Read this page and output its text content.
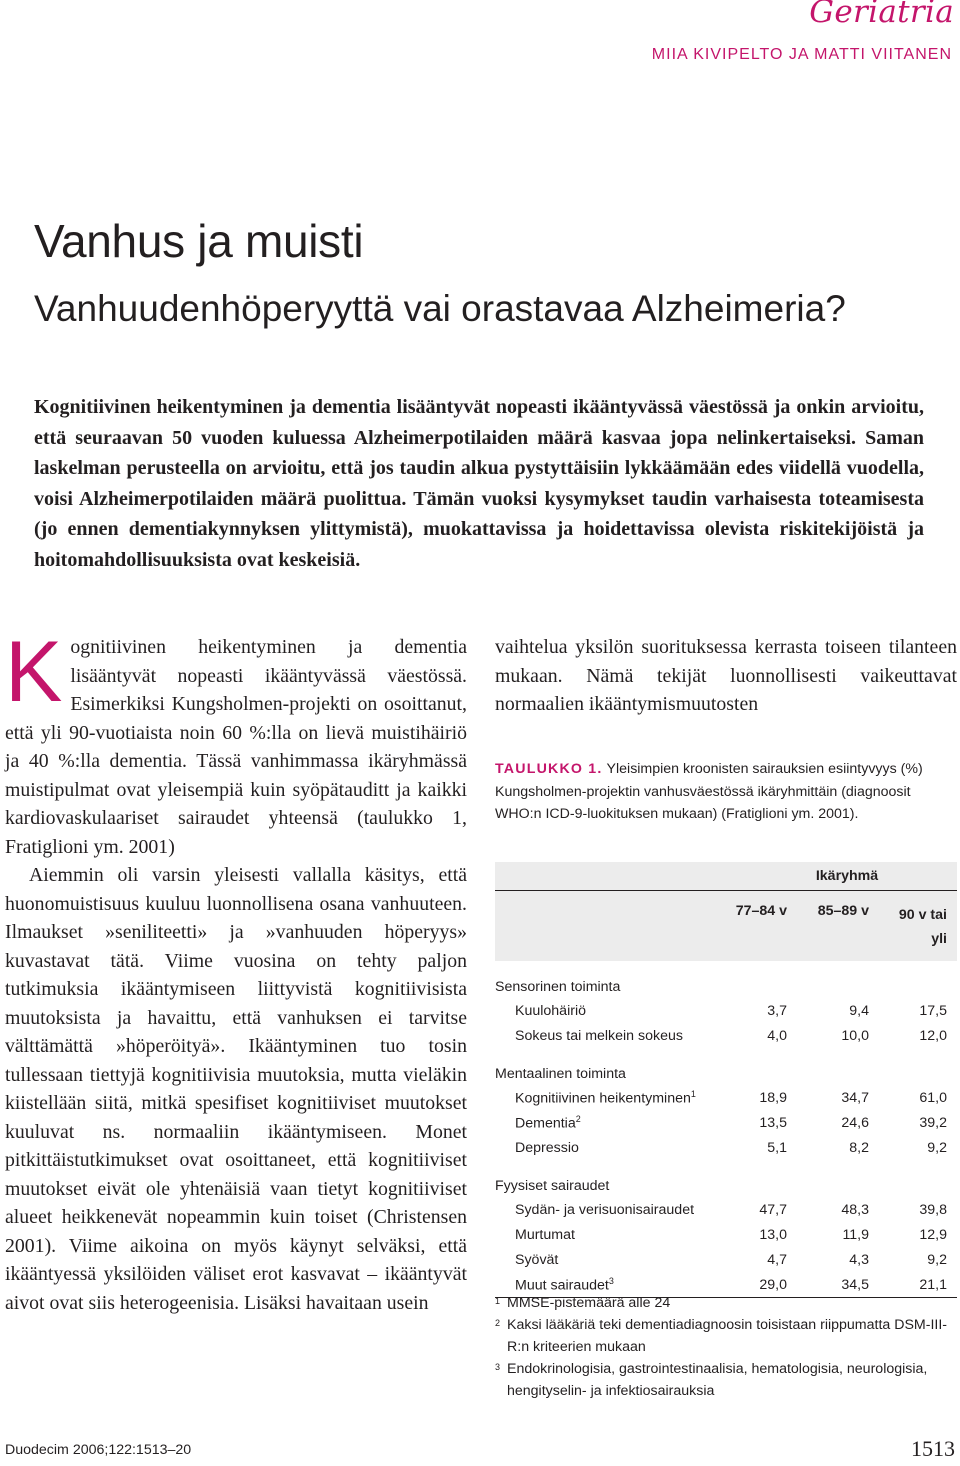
Geriatria
MIIA KIVIPELTO JA MATTI VIITANEN
Vanhus ja muisti
Vanhuudenhöperyyttä vai orastavaa Alzheimeria?
Kognitiivinen heikentyminen ja dementia lisääntyvät nopeasti ikääntyvässä väestössä ja onkin arvioitu, että seuraavan 50 vuoden kuluessa Alzheimerpotilaiden määrä kasvaa jopa nelinkertaiseksi. Saman laskelman perusteella on arvioitu, että jos taudin alkua pystyttäisiin lykkäämään edes viidellä vuodella, voisi Alzheimerpotilaiden määrä puolittua. Tämän vuoksi kysymykset taudin varhaisesta toteamisesta (jo ennen dementiakynnyksen ylittymistä), muokattavissa ja hoidettavissa olevista riskitekijöistä ja hoitomahdollisuuksista ovat keskeisiä.

Kognitiivinen heikentyminen ja dementia lisääntyvät nopeasti ikääntyvässä väestössä. Esimerkiksi Kungsholmen-projekti on osoittanut, että yli 90-vuotiaista noin 60 %:lla on lievä muistihäiriö ja 40 %:lla dementia. Tässä vanhimmassa ikäryhmässä muistipulmat ovat yleisempiä kuin syöpätauditt ja kaikki kardiovaskulaariset sairaudet yhteensä (taulukko 1, Fratiglioni ym. 2001)

Aiemmin oli varsin yleisesti vallalla käsitys, että huonomuistisuus kuuluu luonnollisena osana vanhuuteen. Ilmaukset »seniliteetti» ja »vanhuuden höperyys» kuvastavat tätä. Viime vuosina on tehty paljon tutkimuksia ikääntymiseen liittyvistä kognitiivisista muutoksista ja havaittu, että vanhuksen ei tarvitse välttämättä »höperöityä». Ikääntyminen tuo tosin tullessaan tiettyjä kognitiivisia muutoksia, mutta vieläkin kiistellään siitä, mitkä spesifiset kognitiiviset muutokset kuuluvat ns. normaaliin ikääntymiseen. Monet pitkittäistutkimukset ovat osoittaneet, että kognitiiviset muutokset eivät ole yhtenäisiä vaan tietyt kognitiiviset alueet heikkenevät nopeammin kuin toiset (Christensen 2001). Viime aikoina on myös käynyt selväksi, että ikääntyessä yksilöiden väliset erot kasvavat – ikääntyvät aivot ovat siis heterogeenisia. Lisäksi havaitaan usein

vaihtelua yksilön suorituksessa kerrasta toiseen tilanteen mukaan. Nämä tekijät luonnollisesti vaikeuttavat normaalien ikääntymismuutosten
TAULUKKO 1. Yleisimpien kroonisten sairauksien esiintyvyys (%) Kungsholmen-projektin vanhusväestössä ikäryhmittäin (diagnoosit WHO:n ICD-9-luokituksen mukaan) (Fratiglioni ym. 2001).
	Ikäryhmä			
	77–84 v	85–89 v	90 v tai yli	
Sensorinen toiminta				
Kuulohäiriö	3,7	9,4	17,5	
Sokeus tai melkein sokeus	4,0	10,0	12,0	
Mentaalinen toiminta				
Kognitiivinen heikentyminen$^1$	18,9	34,7	61,0	
Dementia$^2$	13,5	24,6	39,2	
Depressio	5,1	8,2	9,2	
Fyysiset sairaudet				
Sydän- ja verisuonisairaudet	47,7	48,3	39,8	
Murtumat	13,0	11,9	12,9	
Syövät	4,7	4,3	9,2	
Muut sairaudet$^3$	29,0	34,5	21,1	
1 MMSE-pistemäärä alle 24
2 Kaksi lääkäriä teki dementiadiagnoosin toisistaan riippumatta DSM-III-R:n kriteerien mukaan
3 Endokrinologisia, gastrointestinaalisia, hematologisia, neurologisia, hengityselin- ja infektiosairauksia
Duodecim 2006;122:1513–20	1513
